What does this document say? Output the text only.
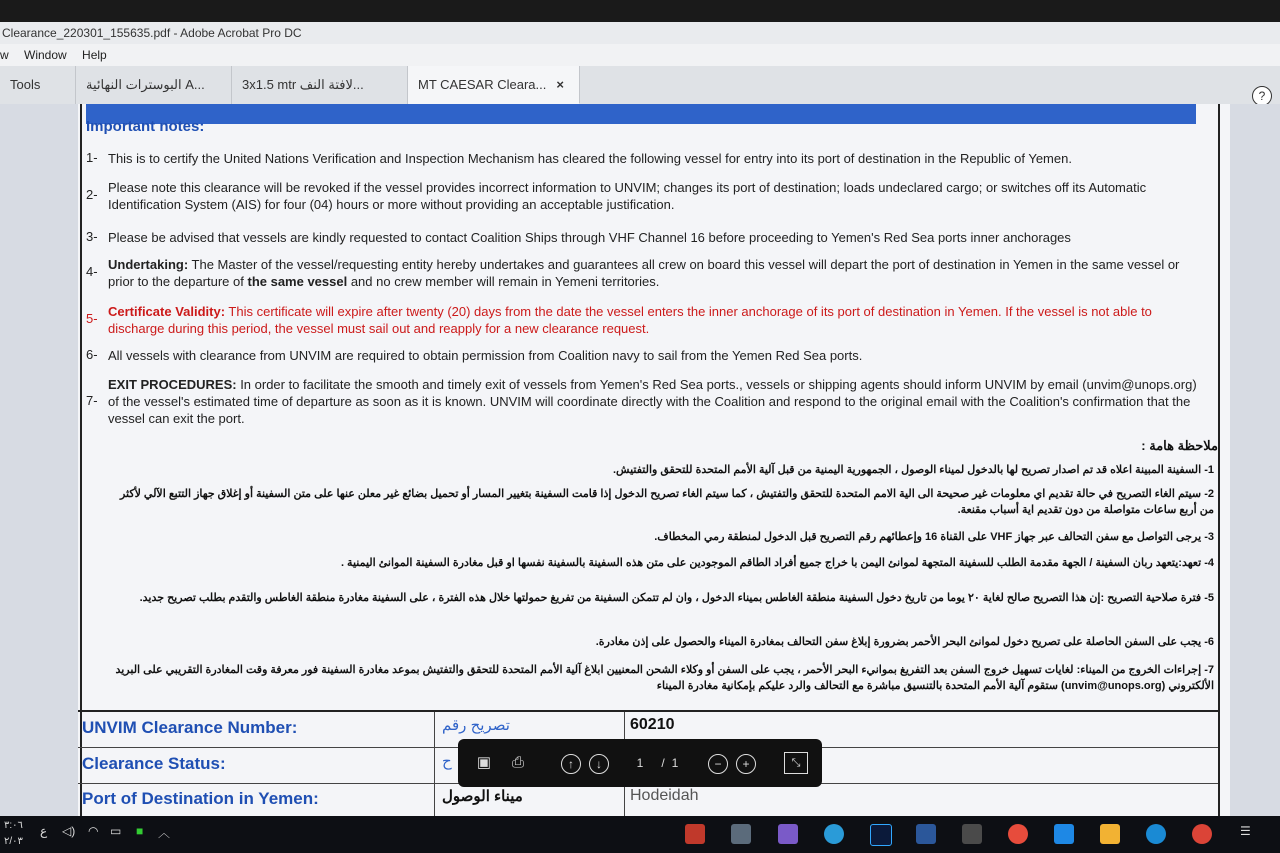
Clearance_220301_155635.pdf - Adobe Acrobat Pro DC
w Window Help
Tools	البوسترات النهائية A...	3x1.5 mtr لافتة النف...	MT CAESAR Cleara... ×
?
Important notes:
1- This is to certify the United Nations Verification and Inspection Mechanism has cleared the following vessel for entry into its port of destination in the Republic of Yemen.
2- Please note this clearance will be revoked if the vessel provides incorrect information to UNVIM; changes its port of destination; loads undeclared cargo; or switches off its Automatic Identification System (AIS) for four (04) hours or more without providing an acceptable justification.
3- Please be advised that vessels are kindly requested to contact Coalition Ships through VHF Channel 16 before proceeding to Yemen's Red Sea ports inner anchorages
4- Undertaking: The Master of the vessel/requesting entity hereby undertakes and guarantees all crew on board this vessel will depart the port of destination in Yemen in the same vessel or prior to the departure of the same vessel and no crew member will remain in Yemeni territories.
5- Certificate Validity: This certificate will expire after twenty (20) days from the date the vessel enters the inner anchorage of its port of destination in Yemen. If the vessel is not able to discharge during this period, the vessel must sail out and reapply for a new clearance request.
6- All vessels with clearance from UNVIM are required to obtain permission from Coalition navy to sail from the Yemen Red Sea ports.
7-
EXIT PROCEDURES: In order to facilitate the smooth and timely exit of vessels from Yemen's Red Sea ports., vessels or shipping agents should inform UNVIM by email (unvim@unops.org) of the vessel's estimated time of departure as soon as it is known. UNVIM will coordinate directly with the Coalition and respond to the original email with the Coalition's confirmation that the vessel can exit the port.
ملاحظة هامة :
1- السفينة المبينة اعلاه قد تم اصدار تصريح لها بالدخول لميناء الوصول ، الجمهورية اليمنية من قبل آلية الأمم المتحدة للتحقق والتفتيش.
2- سيتم الغاء التصريح في حالة تقديم اي معلومات غير صحيحة الى الية الامم المتحدة للتحقق والتفتيش ، كما سيتم الغاء تصريح الدخول إذا قامت السفينة بتغيير المسار أو تحميل بضائع غير معلن عنها على متن السفينة أو إغلاق جهاز التتبع الآلي لأكثر من أربع ساعات متواصلة من دون تقديم اية أسباب مقنعة.
3- يرجى التواصل مع سفن التحالف عبر جهاز VHF على القناة 16 وإعطائهم رقم التصريح قبل الدخول لمنطقة رمي المخطاف.
4- تعهد:يتعهد ربان السفينة / الجهة مقدمة الطلب للسفينة المتجهة لموانئ اليمن با خراج جميع أفراد الطاقم الموجودين على متن هذه السفينة بالسفينة نفسها او قبل مغادرة السفينة الموانئ اليمنية .
5- فترة صلاحية التصريح :إن هذا التصريح صالح لغاية ٢٠ يوما من تاريخ دخول السفينة منطقة الغاطس بميناء الدخول ، وان لم تتمكن السفينة من تفريغ حمولتها خلال هذه الفترة ، على السفينة مغادرة منطقة الغاطس والتقدم بطلب تصريح جديد.
6- يجب على السفن الحاصلة على تصريح دخول لموانئ البحر الأحمر بضرورة إبلاغ سفن التحالف بمغادرة الميناء والحصول على إذن مغادرة.
7- إجراءات الخروج من الميناء: لغايات تسهيل خروج السفن بعد التفريغ بموانيء البحر الأحمر ، يجب على السفن أو وكلاء الشحن المعنيين ابلاغ آلية الأمم المتحدة للتحقق والتفتيش بموعد مغادرة السفينة فور معرفة وقت المغادرة التقريبي على البريد الألكتروني (unvim@unops.org) ستقوم آلية الأمم المتحدة بالتنسيق مباشرة مع التحالف والرد عليكم بإمكانية مغادرة الميناء
UNVIM Clearance Number:	تصريح رقم	60210
Clearance Status:	ح
Port of Destination in Yemen:	ميناء الوصول	Hodeidah
▣ ⎙	↑	↓	1	/ 1	−	+	⤡
٣:٠٦
٢/٠٣
ع ◁) ◠ ▭ ■ ︿	☰
